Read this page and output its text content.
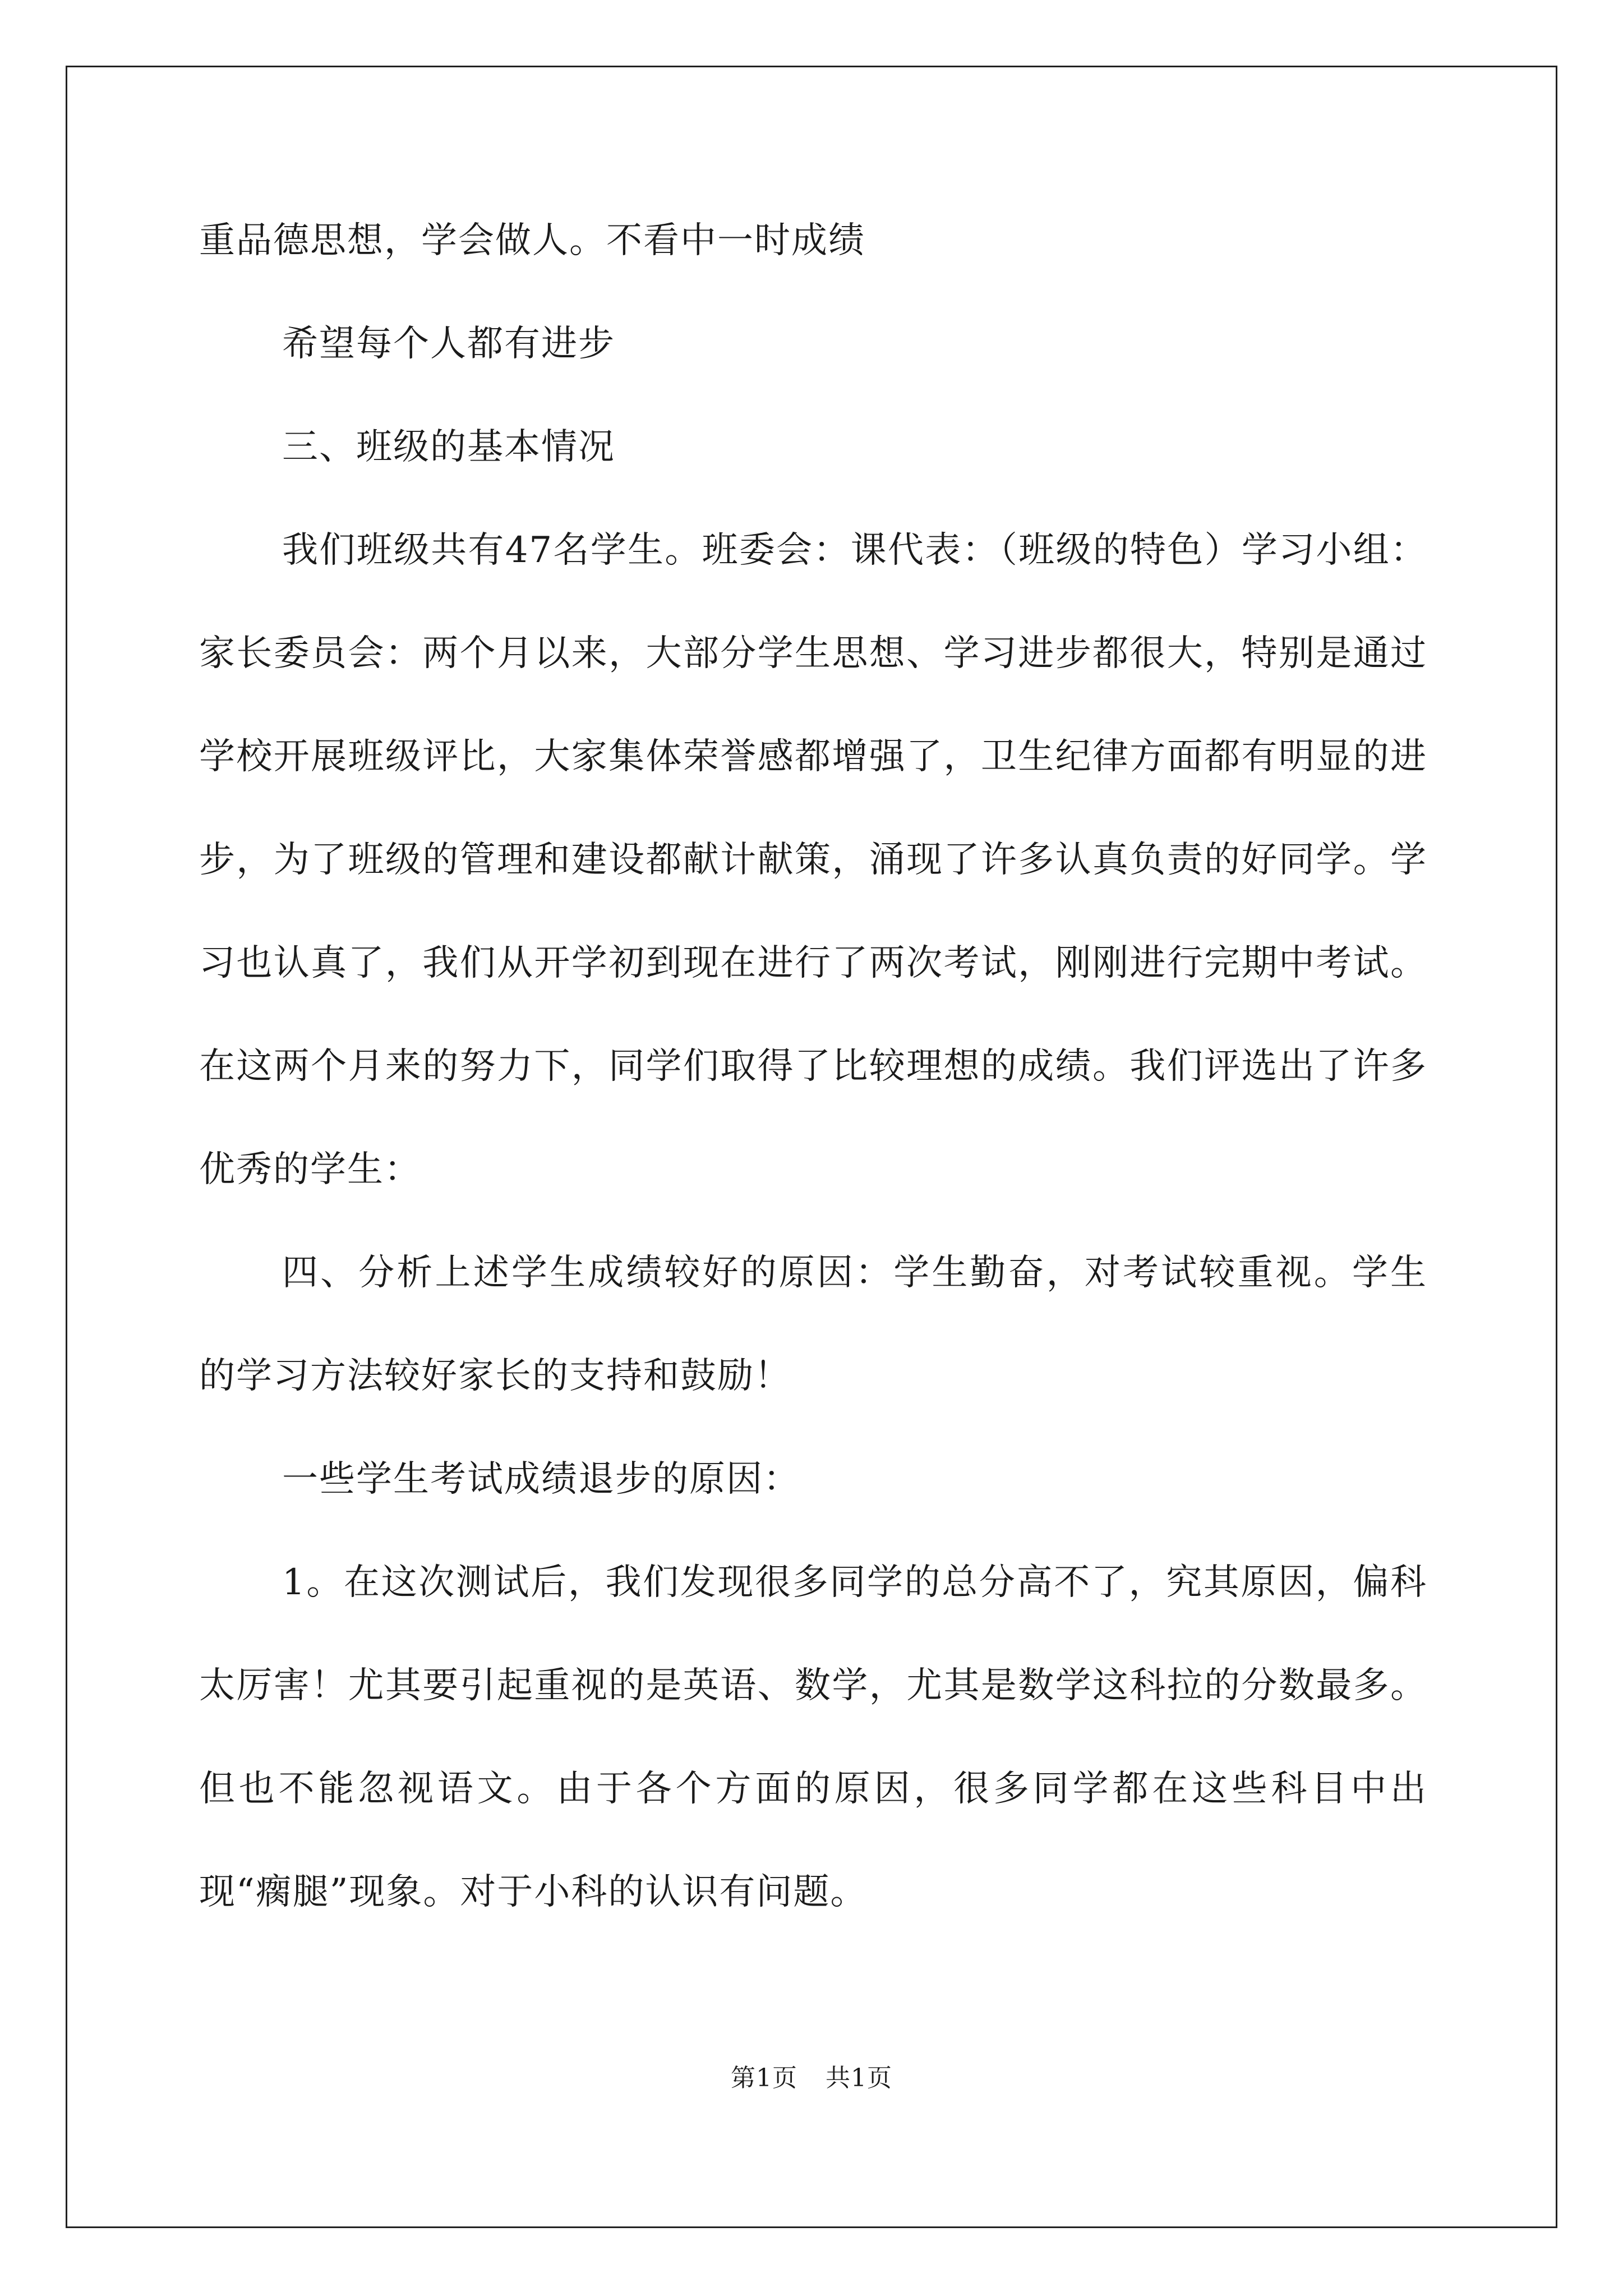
重品德思想，学会做人。不看中一时成绩

希望每个人都有进步

三、班级的基本情况

我们班级共有47名学生。班委会：课代表：（班级的特色）学习小组：家长委员会：两个月以来，大部分学生思想、学习进步都很大，特别是通过学校开展班级评比，大家集体荣誉感都增强了，卫生纪律方面都有明显的进步，为了班级的管理和建设都献计献策，涌现了许多认真负责的好同学。学习也认真了，我们从开学初到现在进行了两次考试，刚刚进行完期中考试。在这两个月来的努力下，同学们取得了比较理想的成绩。我们评选出了许多优秀的学生：

四、分析上述学生成绩较好的原因：学生勤奋，对考试较重视。学生的学习方法较好家长的支持和鼓励！

一些学生考试成绩退步的原因：

1。在这次测试后，我们发现很多同学的总分高不了，究其原因，偏科太厉害！尤其要引起重视的是英语、数学，尤其是数学这科拉的分数最多。但也不能忽视语文。由于各个方面的原因，很多同学都在这些科目中出现“瘸腿”现象。对于小科的认识有问题。

第1页 共1页
